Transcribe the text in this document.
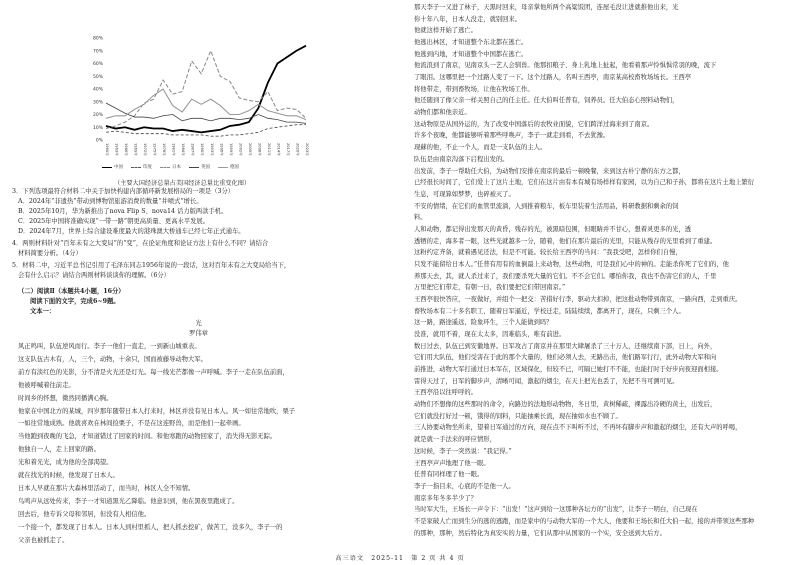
80%
70%
60%
50%
40%
30%
20%
10%
0%
1960年 1963年 1966年 1969年 1972年 1975年 1978年 1981年 1984年 1987年 1990年 1993年 1996年 1999年 2002年 2005年 2008年 2011年 2014年 2017年 2020年 2023年
中国	印度	日本	英国	德国
（主要大国经济总量占美国经济总量比重变化图）
3．下列选项最符合材料二中关于加快构建内部循环新发展格局的一项是（3分）
A．2024年“非遗热”带动到博物馆旅游消费的数量“井喷式”增长。
B．2025年10月，华为新推出了nova Flip S、nova14 话力版两款手机。
C．2025年中国将准确实现“一带一路”朝更高质量、更高水平发展。
D．2024年7月，世界上综合建设难度最大的港珠澳大桥通车已经七年正式通车。
4．两则材料针对“百年未有之大变局”的“变”，在论证角度和论证方法上有什么不同？请结合
材料简要分析。（4分）
5．材料二中，习近平总书记引用了毛泽东同志1956年说的一段话，这对百年未有之大变局给当下，
会有什么启示？请结合两则材料谈谈你的理解。（6分）
（二）阅读Ⅱ（本题共4小题，16分）
阅读下面的文字，完成6~9题。
文本一：
光
罗伟章
风正鸣叫，队伍逆风而行。李子一他们一直走，一到新山城重表。
这支队伍古木有，人，三个，动物，十余只，国而被藤导动物大军。
前方有淡红色的光影，分不清是火光还是灯光。每一线光芒都像一声呼喊。李子一走在队伍前面，
他被呼喊着往前走。
时间乡的怀想，微然同播满心胸。
他家在中国北方的某城，四岁那年随带日本人打来时，林区并没有见日本人。风一如往常地吹，栗子
一如往常地成熟。他就喜欢在林间捡栗子，不是在这连野兽，而是他们一起牵画。
当他跑到夜晚的飞急，才知道错过了回家的时间。和他寒跑的动物回家了，消失得无影无踪。
他独自一人，走上回家的路。
光和着光光，成为他的全部渴望。
就在找光的时候，他发现了日本人。
日本人早就在那片大森林里活动了，而当时，林区人全不知情。
鸟鸣声从远处传来，李子一才知道黑光乙降临。他意识到，他在黑夜里跑成了。
回去后，他专诉父母和邻居，但没有人相信他。
一个接一个，都发现了日本人。日本人到村里抓人，把人抓去挖矿，做苦工，没多久，李子一的
父亲也被抓走了。
那天李子一又进了林子，天黑时回来，母亲掌他所两个高粱饭团，连屋毛没让进就推他出来，光
你十年八年，日本人没走，就别回来。
他就这样开始了逃亡。
他逃出林区，才知道整个东北都在逃亡。
他逃到内地，才知道整个中国都在逃亡。
他流浪到了南京，见南京头一艺人会驯兽。他那扣粮子、身上乳地上扯起，他看着那声怜惧惧常羽的晚，流下
了眼泪。这哪里把一个过路人变了一下。这个过路人，名叫王西亭，南京某高校畜牧场场长。王西亭
将他带走，带到畜牧场，让他在牧场工作。
他还随到了像父亲一样关照自己的任主任。任大伯叫任普有，饲养员。任大伯态心照料动物们，
动物们都和他亲近。
这动物原是从国外运的，为了改变中国落后的农牧业面貌，它们跨洋过海来到了南京。
许多个夜晚，他都能够听着那些呼唤声，李子一就走到看，不去犹豫。
现蘇的他，不止一个人，而是一支队伍的主人。
队伍是由南京沟落下启程出发的。
出发前，李子一帮助任大伯，为动物们安排在南京的最后一顿晚餐，来到这古朴宁静的东方之都，
已经很长时间了，它们爱上了这片土地，它们在这片由有本有城有场样样有家园，以为自己和子孙，都将在这片土地上繁衍
生息，可现算如梦梦，也碎被灭了。
不安的情绪，在它们的血管里流淌，人到推着粮车，板车里装着生活用品，料研教据和剩余的饲
料。
人和动物，都记得出发那天的黄昏，残存的光，被黑暗包围，但眼睛并不甘心，想着灵更多的光，透
透牺的走，海多者一眼，这些光就越多一分，随着，他们在那片最后的光里，只能从残存的光里看到了重建。
这粉约定齐备，就着遇见还法，但是不可能。较长给王西亭的当问：“我我受吧，怎样你们自慢，
只发不能留给日本人。”任普有用有的血倒最上来动物，这些动物，可是我们心中的神的。走能杀你死了它们的，他
养那天去，其，就人杀过来了，我们要杀死大量的它们。不不会它们。哪怕你我，我也不伤害它们的人，千里
万里把它们带走，有朝一日，我们要把它们带回南京。”
王西亭很快答应，一夜做好，并组个一把交：苦措好行李，驱动大扣掉，把这批动物带到南京，一路向西，走到重庆。
畜牧场本有二十多名职工，随着日军逼近，学校迁走，陆陆续续，都离开了，现在，只剩三个人。
这一路，路途遥远，险象环生，三个人能做到吗？
没准，就用不着，现在太太多，因难临头，唯有前进。
数日过去，队伍已到安徽地界。日军攻占了南京并在那里大肆屠杀了三十万人，还继续南下部，日上，向外，
它们用大队伍，他们受害在于此的那个大量的，他们必须人去，无路出击，他们路军行行，此外动物大军和向
前推进，动物大军打通过日本军在，区域保化，但较不已，可隔已她打不不能，也能打时于好步向夜迎面相接。
雷得天过了，日军的脚步声，清晰可闻，激起的烟尘，在天上把光也丢了，光把不当可测可见。
王西亭沿以往呼呼的。
动物们不想像的这些那时的命令，向路边的法地形动物物，冬日里，黄树稀疏，裸露出冷硬的黄土，出发后，
它们就没打好过一顿，饿得的饲料，只能抽乘长流，现在抽如水也不顾了。
三人协要动物坐所来，望着日军通过的方向，现在点不下叫听不过，不再坏有脚步声和激起的烟尘，还有大声的呼喝，
就是就一手法来的呼应情形，
这时候，李子一突然说：“我记得。”
王西亭声声地理了他一眼。
任普有同样理了他一眼。
李子一指目来，心底的不是他一人。
南京多年冬多半少了？
当时军大生，王场长一声令下：“出发！”这声到给一这那种各坛方的“出发”，让李子一明白，自己现在
不是家破人亡而到生分的逃的逃跑，而是家中的与动物大军的一个大人，他要和王场长和任大伯一起，接的并带领这些那种
的那种，那种，然后特化为真安实的力量，它们从那中从国家的一个实，安全送到大后方。
高三语文　2025-11　第 2 页 共 4 页
